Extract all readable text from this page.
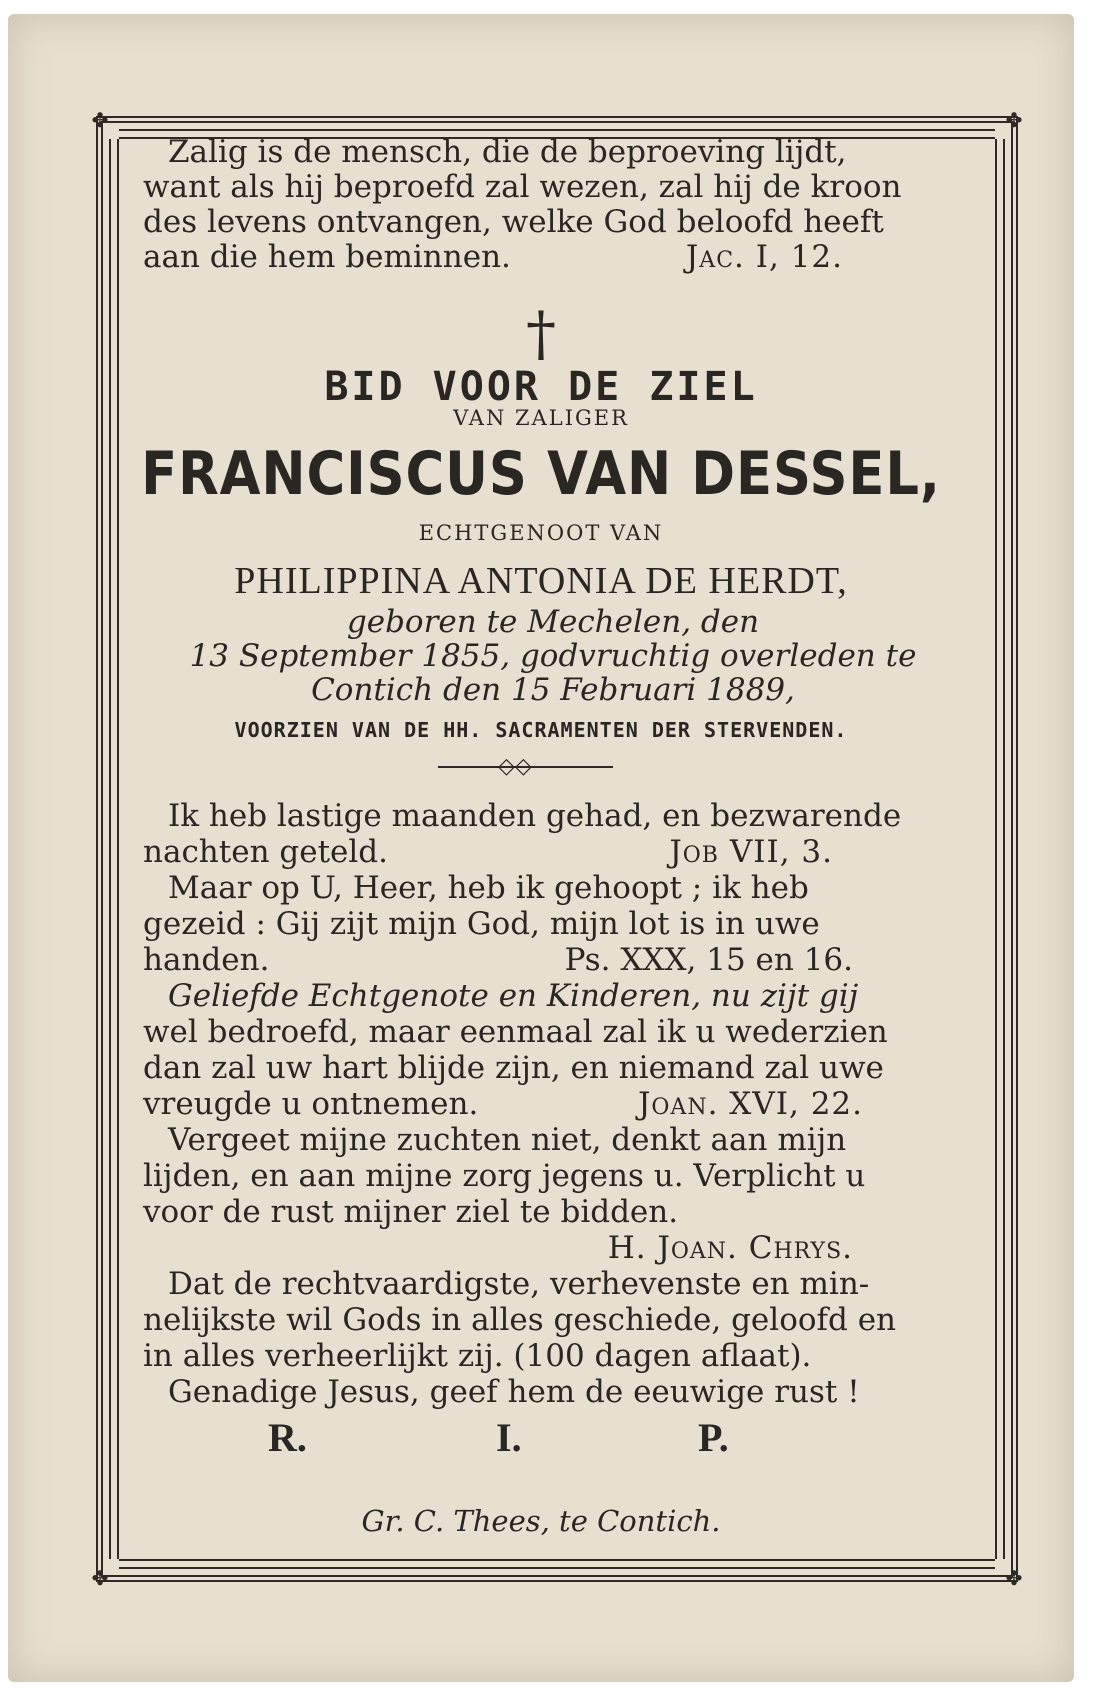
✤	✤
✤	✤
Zalig is de mensch, die de beproeving lijdt,
want als hij beproefd zal wezen, zal hij de kroon
des levens ontvangen, welke God beloofd heeft
aan die hem beminnen.	Jac. I, 12.
†
BID VOOR DE ZIEL
VAN ZALIGER
FRANCISCUS VAN DESSEL,
ECHTGENOOT VAN
PHILIPPINA ANTONIA DE HERDT,
geboren te Mechelen, den
13 September 1855, godvruchtig overleden te
Contich den 15 Februari 1889,
VOORZIEN VAN DE HH. SACRAMENTEN DER STERVENDEN.
◇◇
Ik heb lastige maanden gehad, en bezwarende
nachten geteld.	Job VII, 3.
Maar op U, Heer, heb ik gehoopt ; ik heb
gezeid : Gij zijt mijn God, mijn lot is in uwe
handen.	Ps. XXX, 15 en 16.
Geliefde Echtgenote en Kinderen, nu zijt gij
wel bedroefd, maar eenmaal zal ik u wederzien
dan zal uw hart blijde zijn, en niemand zal uwe
vreugde u ontnemen.	Joan. XVI, 22.
Vergeet mijne zuchten niet, denkt aan mijn
lijden, en aan mijne zorg jegens u. Verplicht u
voor de rust mijner ziel te bidden.
H. Joan. Chrys.
Dat de rechtvaardigste, verhevenste en min-
nelijkste wil Gods in alles geschiede, geloofd en
in alles verheerlijkt zij. (100 dagen aflaat).
Genadige Jesus, geef hem de eeuwige rust !
R.	I.	P.
Gr. C. Thees, te Contich.
